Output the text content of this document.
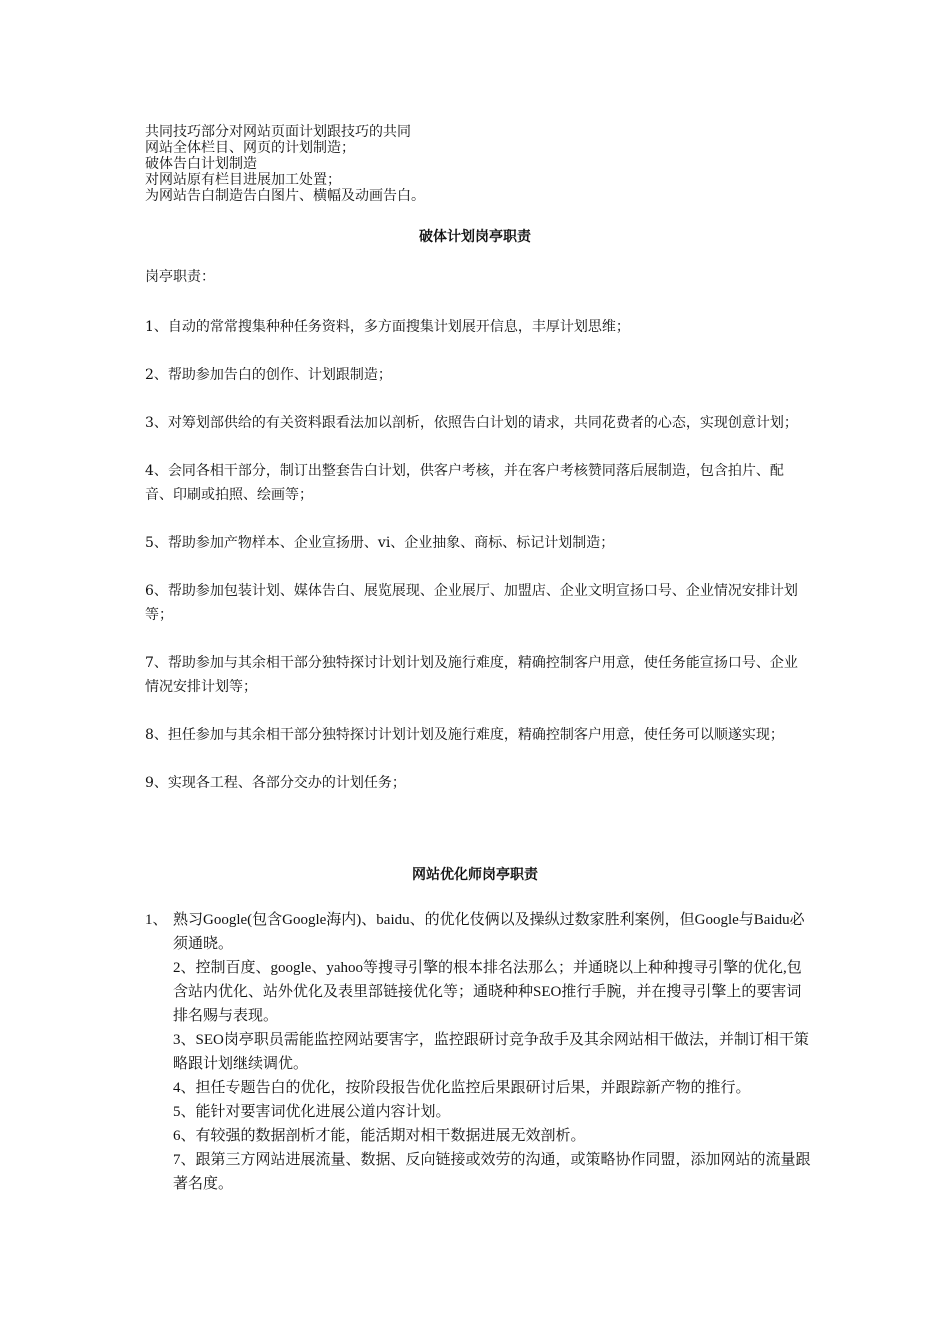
共同技巧部分对网站页面计划跟技巧的共同
网站全体栏目、网页的计划制造；
破体告白计划制造
对网站原有栏目进展加工处置；
为网站告白制造告白图片、横幅及动画告白。
破体计划岗亭职责
岗亭职责：

1、自动的常常搜集种种任务资料，多方面搜集计划展开信息，丰厚计划思维；

2、帮助参加告白的创作、计划跟制造；

3、对筹划部供给的有关资料跟看法加以剖析，依照告白计划的请求，共同花费者的心态，实现创意计划；

4、会同各相干部分，制订出整套告白计划，供客户考核，并在客户考核赞同落后展制造，包含拍片、配音、印刷或拍照、绘画等；

5、帮助参加产物样本、企业宣扬册、vi、企业抽象、商标、标记计划制造；

6、帮助参加包装计划、媒体告白、展览展现、企业展厅、加盟店、企业文明宣扬口号、企业情况安排计划等；

7、帮助参加与其余相干部分独特探讨计划计划及施行难度，精确控制客户用意，使任务能宣扬口号、企业情况安排计划等；

8、担任参加与其余相干部分独特探讨计划计划及施行难度，精确控制客户用意，使任务可以顺遂实现；

9、实现各工程、各部分交办的计划任务；

网站优化师岗亭职责
1、 熟习Google(包含Google海内)、baidu、的优化伎俩以及操纵过数家胜利案例，但Google与Baidu必须通晓。

2、控制百度、google、yahoo等搜寻引擎的根本排名法那么；并通晓以上种种搜寻引擎的优化,包含站内优化、站外优化及表里部链接优化等；通晓种种SEO推行手腕，并在搜寻引擎上的要害词排名赐与表现。

3、SEO岗亭职员需能监控网站要害字，监控跟研讨竞争敌手及其余网站相干做法，并制订相干策略跟计划继续调优。

4、担任专题告白的优化，按阶段报告优化监控后果跟研讨后果，并跟踪新产物的推行。

5、能针对要害词优化进展公道内容计划。

6、有较强的数据剖析才能，能活期对相干数据进展无效剖析。

7、跟第三方网站进展流量、数据、反向链接或效劳的沟通，或策略协作同盟，添加网站的流量跟著名度。
